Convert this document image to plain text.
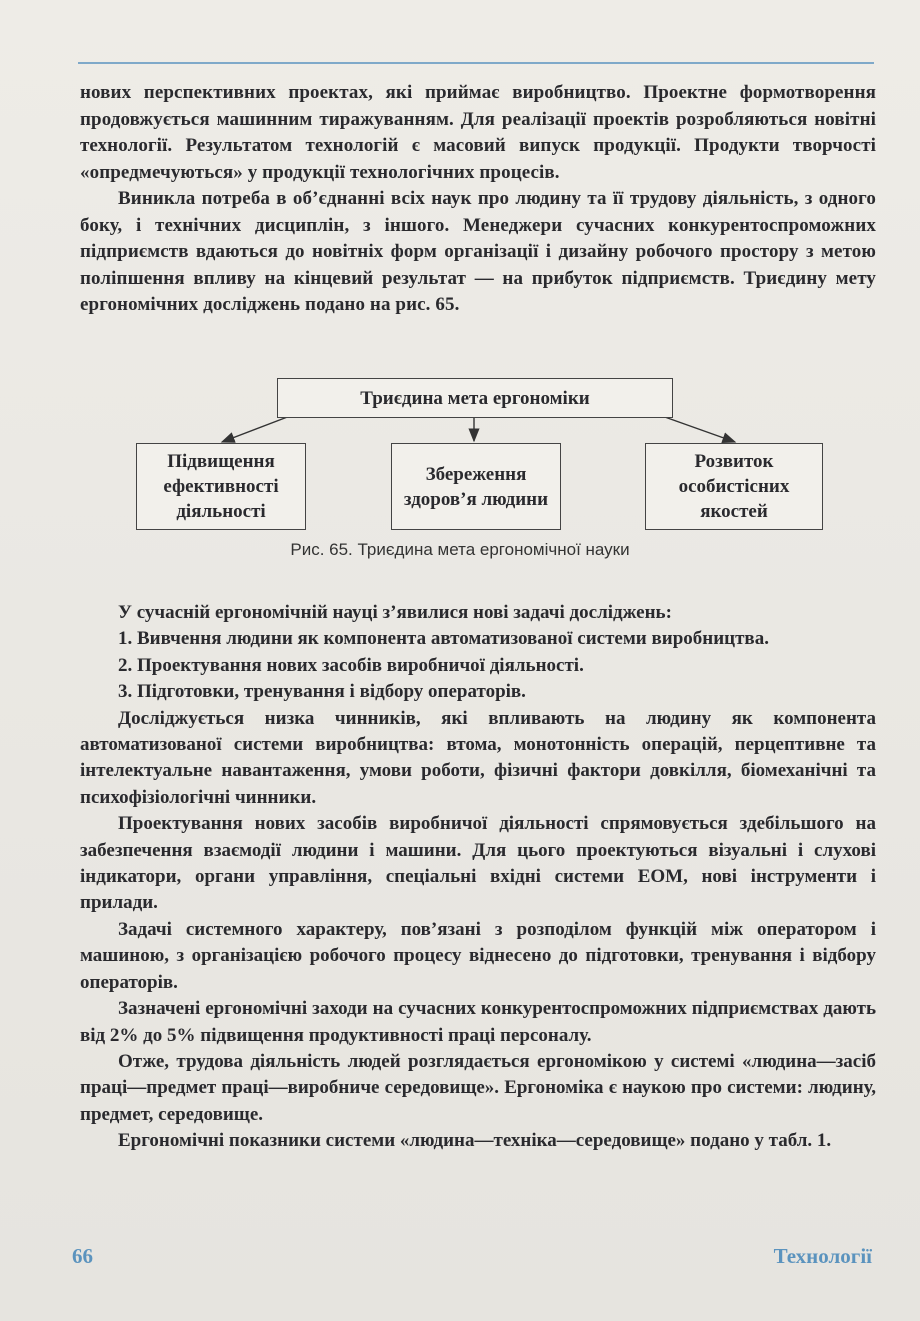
нових перспективних проектах, які приймає виробництво. Проектне формотворення продовжується машинним тиражуванням. Для реалізації проектів розробляються новітні технології. Результатом технологій є масовий випуск продукції. Продукти творчості «опредмечуються» у продукції технологічних процесів.

Виникла потреба в об’єднанні всіх наук про людину та її трудову діяльність, з одного боку, і технічних дисциплін, з іншого. Менеджери сучасних конкурентоспроможних підприємств вдаються до новітніх форм організації і дизайну робочого простору з метою поліпшення впливу на кінцевий результат — на прибуток підприємств. Триєдину мету ергономічних досліджень подано на рис. 65.

Триєдина мета ергономіки
Підвищення ефективності діяльності
Збереження здоров’я людини
Розвиток особистісних якостей
Рис. 65. Триєдина мета ергономічної науки

У сучасній ергономічній науці з’явилися нові задачі досліджень:

1. Вивчення людини як компонента автоматизованої системи виробництва.

2. Проектування нових засобів виробничої діяльності.

3. Підготовки, тренування і відбору операторів.

Досліджується низка чинників, які впливають на людину як компонента автоматизованої системи виробництва: втома, монотонність операцій, перцептивне та інтелектуальне навантаження, умови роботи, фізичні фактори довкілля, біомеханічні та психофізіологічні чинники.

Проектування нових засобів виробничої діяльності спрямовується здебільшого на забезпечення взаємодії людини і машини. Для цього проектуються візуальні і слухові індикатори, органи управління, спеціальні вхідні системи ЕОМ, нові інструменти і прилади.

Задачі системного характеру, пов’язані з розподілом функцій між оператором і машиною, з організацією робочого процесу віднесено до підготовки, тренування і відбору операторів.

Зазначені ергономічні заходи на сучасних конкурентоспроможних підприємствах дають від 2% до 5% підвищення продуктивності праці персоналу.

Отже, трудова діяльність людей розглядається ергономікою у системі «людина—засіб праці—предмет праці—виробниче середовище». Ергономіка є наукою про системи: людину, предмет, середовище.

Ергономічні показники системи «людина—техніка—середовище» подано у табл. 1.

66	Технології
